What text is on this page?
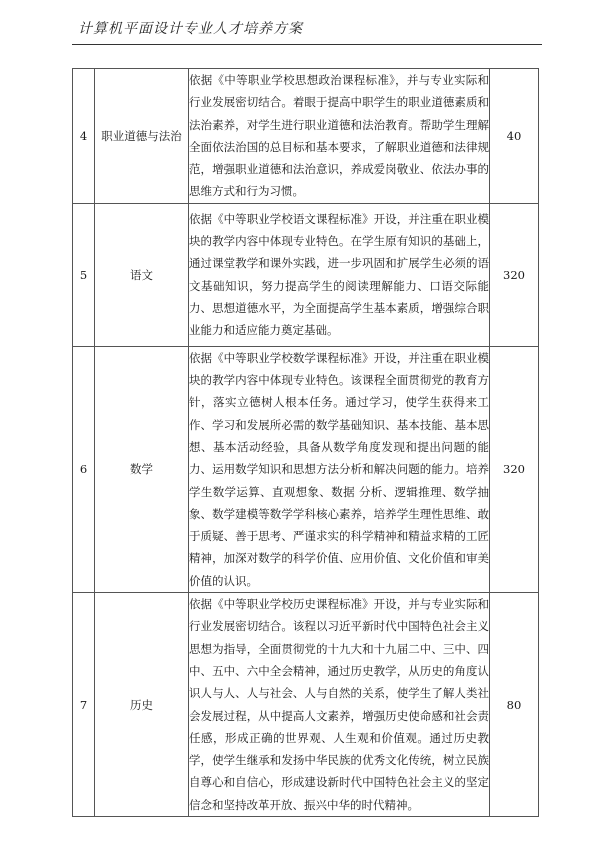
计算机平面设计专业人才培养方案
4	职业道德与法治	依据《中等职业学校思想政治课程标准》，并与专业实际和行业发展密切结合。着眼于提高中职学生的职业道德素质和法治素养，对学生进行职业道德和法治教育。帮助学生理解全面依法治国的总目标和基本要求，了解职业道德和法律规范，增强职业道德和法治意识，养成爱岗敬业、依法办事的思维方式和行为习惯。	40
5	语文	依据《中等职业学校语文课程标准》开设，并注重在职业模块的教学内容中体现专业特色。在学生原有知识的基础上，通过课堂教学和课外实践，进一步巩固和扩展学生必须的语文基础知识，努力提高学生的阅读理解能力、口语交际能力、思想道德水平，为全面提高学生基本素质，增强综合职业能力和适应能力奠定基础。	320
6	数学	依据《中等职业学校数学课程标准》开设，并注重在职业模块的教学内容中体现专业特色。该课程全面贯彻党的教育方针，落实立德树人根本任务。通过学习，使学生获得来工作、学习和发展所必需的数学基础知识、基本技能、基本思想、基本活动经验，具备从数学角度发现和提出问题的能力、运用数学知识和思想方法分析和解决问题的能力。培养学生数学运算、直观想象、数据 分析、逻辑推理、数学抽象、数学建模等数学学科核心素养，培养学生理性思维、敢于质疑、善于思考、严谨求实的科学精神和精益求精的工匠精神，加深对数学的科学价值、应用价值、文化价值和审美价值的认识。	320
7	历史	依据《中等职业学校历史课程标准》开设，并与专业实际和行业发展密切结合。该程以习近平新时代中国特色社会主义思想为指导，全面贯彻党的十九大和十九届二中、三中、四中、五中、六中全会精神，通过历史教学，从历史的角度认识人与人、人与社会、人与自然的关系，使学生了解人类社会发展过程，从中提高人文素养，增强历史使命感和社会责任感，形成正确的世界观、人生观和价值观。通过历史教学，使学生继承和发扬中华民族的优秀文化传统，树立民族自尊心和自信心，形成建设新时代中国特色社会主义的坚定信念和坚持改革开放、振兴中华的时代精神。	80
